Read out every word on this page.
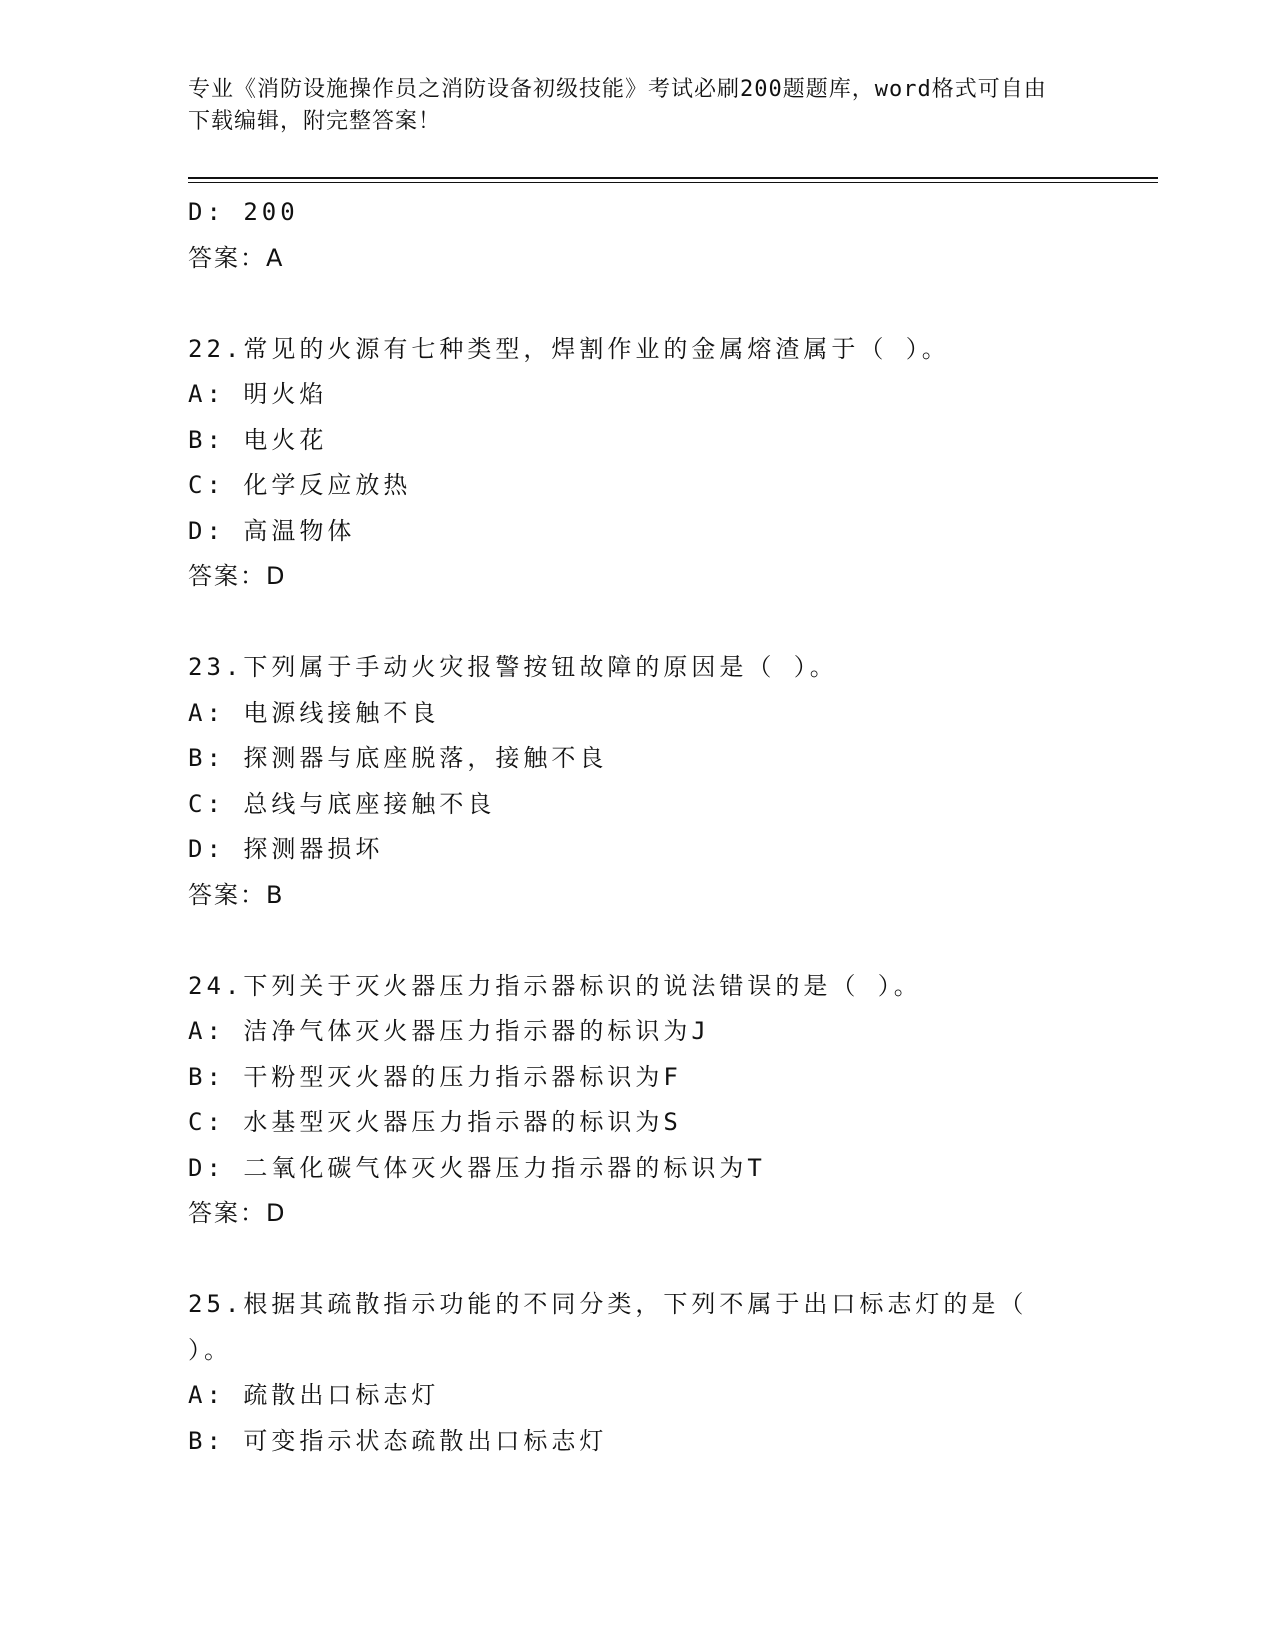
专业《消防设施操作员之消防设备初级技能》考试必刷200题题库，word格式可自由下载编辑，附完整答案！
D: 200
答案：A
22.常见的火源有七种类型，焊割作业的金属熔渣属于（ ）。
A: 明火焰
B: 电火花
C: 化学反应放热
D: 高温物体
答案：D
23.下列属于手动火灾报警按钮故障的原因是（ ）。
A: 电源线接触不良
B: 探测器与底座脱落，接触不良
C: 总线与底座接触不良
D: 探测器损坏
答案：B
24.下列关于灭火器压力指示器标识的说法错误的是（ ）。
A: 洁净气体灭火器压力指示器的标识为J
B: 干粉型灭火器的压力指示器标识为F
C: 水基型灭火器压力指示器的标识为S
D: 二氧化碳气体灭火器压力指示器的标识为T
答案：D
25.根据其疏散指示功能的不同分类，下列不属于出口标志灯的是（ ）。
A: 疏散出口标志灯
B: 可变指示状态疏散出口标志灯
